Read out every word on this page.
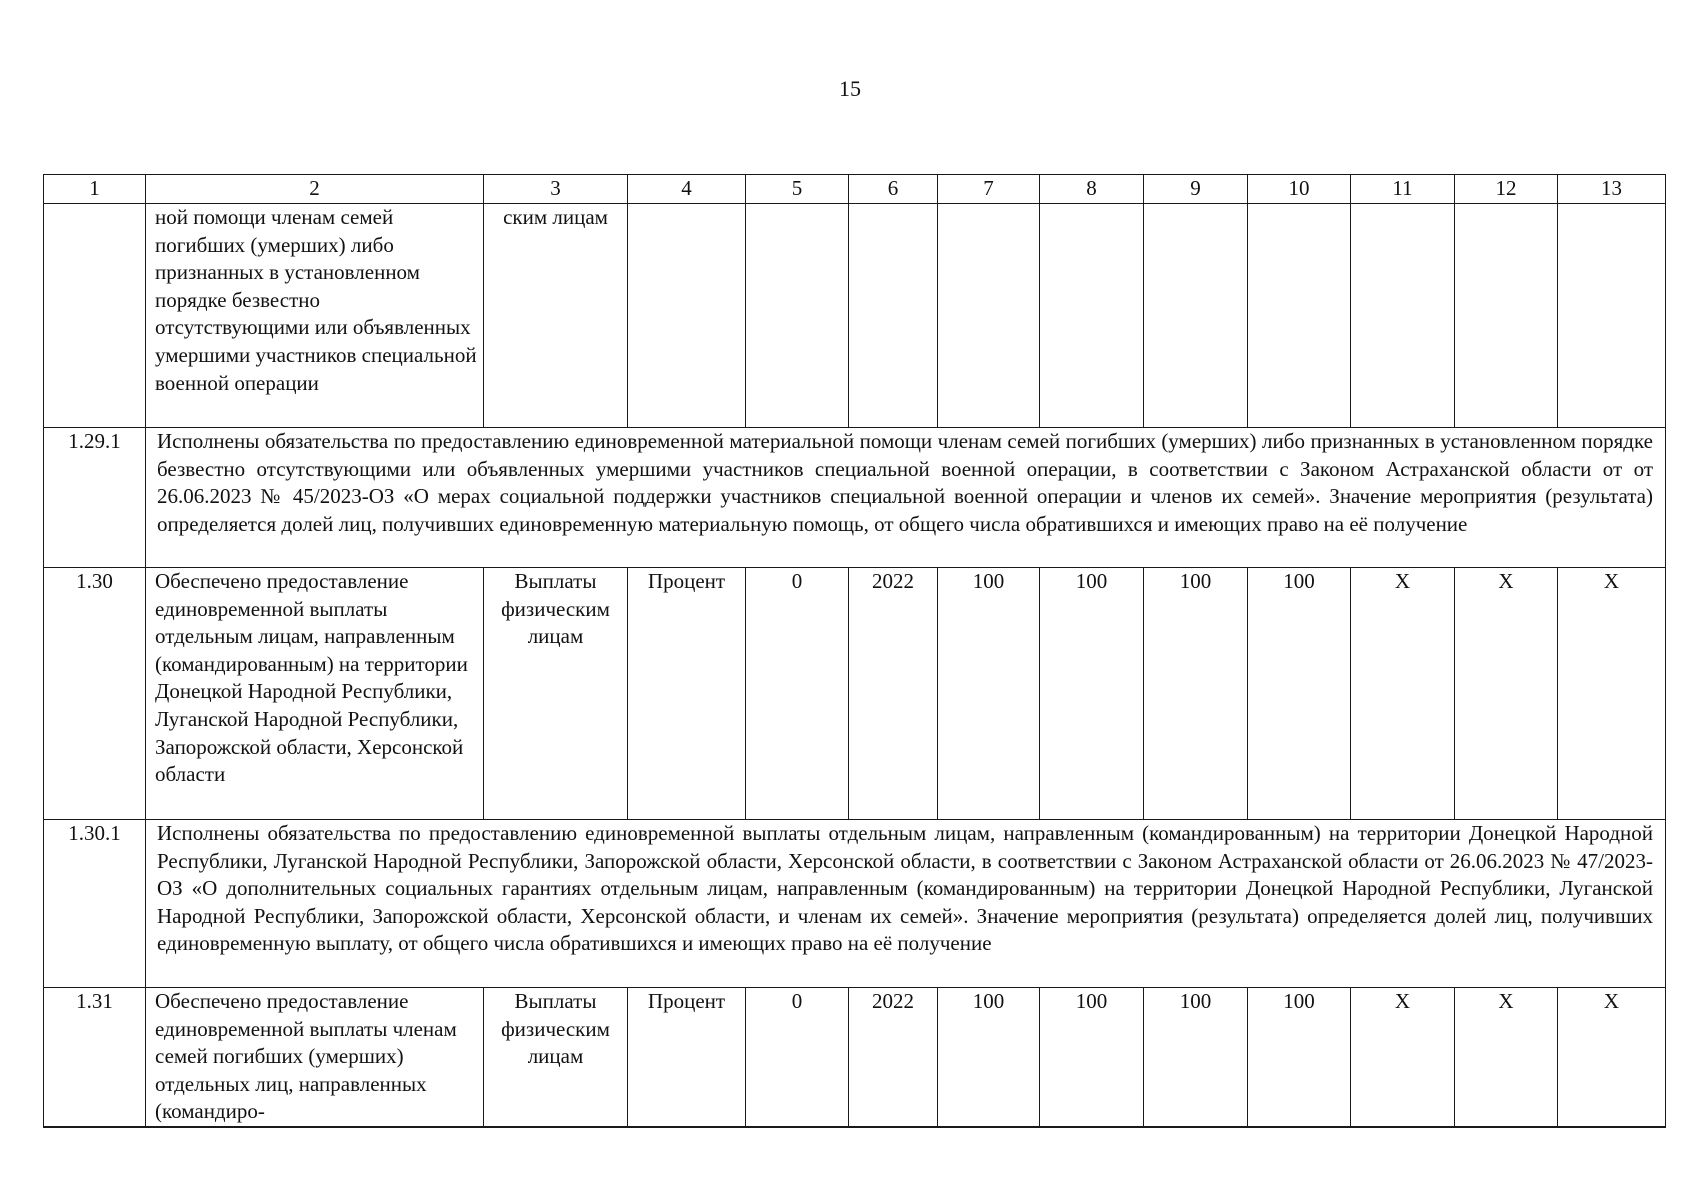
15
1	2	3	4	5	6	7	8	9	10	11	12	13
	ной помощи членам семей погибших (умерших) либо признанных в установленном порядке безвестно отсутствующими или объявленных умершими участников специальной военной операции	ским лицам										
1.29.1	Исполнены обязательства по предоставлению единовременной материальной помощи членам семей погибших (умерших) либо признанных в установленном порядке безвестно отсутствующими или объявленных умершими участников специальной военной операции, в соответствии с Законом Астраханской области от от 26.06.2023 № 45/2023-ОЗ «О мерах социальной поддержки участников специальной военной операции и членов их семей». Значение мероприятия (результата) определяется долей лиц, получивших единовременную материальную помощь, от общего числа обратившихся и имеющих право на её получение											
1.30	Обеспечено предоставление единовременной выплаты отдельным лицам, направленным (командированным) на территории Донецкой Народной Республики, Луганской Народной Республики, Запорожской области, Херсонской области	Выплаты физическим лицам	Процент	0	2022	100	100	100	100	Х	Х	Х
1.30.1	Исполнены обязательства по предоставлению единовременной выплаты отдельным лицам, направленным (командированным) на территории Донецкой Народной Республики, Луганской Народной Республики, Запорожской области, Херсонской области, в соответствии с Законом Астраханской области от 26.06.2023 № 47/2023-ОЗ «О дополнительных социальных гарантиях отдельным лицам, направленным (командированным) на территории Донецкой Народной Республики, Луганской Народной Республики, Запорожской области, Херсонской области, и членам их семей». Значение мероприятия (результата) определяется долей лиц, получивших единовременную выплату, от общего числа обратившихся и имеющих право на её получение											
1.31	Обеспечено предоставление единовременной выплаты членам семей погибших (умерших) отдельных лиц, направленных (командиро-	Выплаты физическим лицам	Процент	0	2022	100	100	100	100	Х	Х	Х
